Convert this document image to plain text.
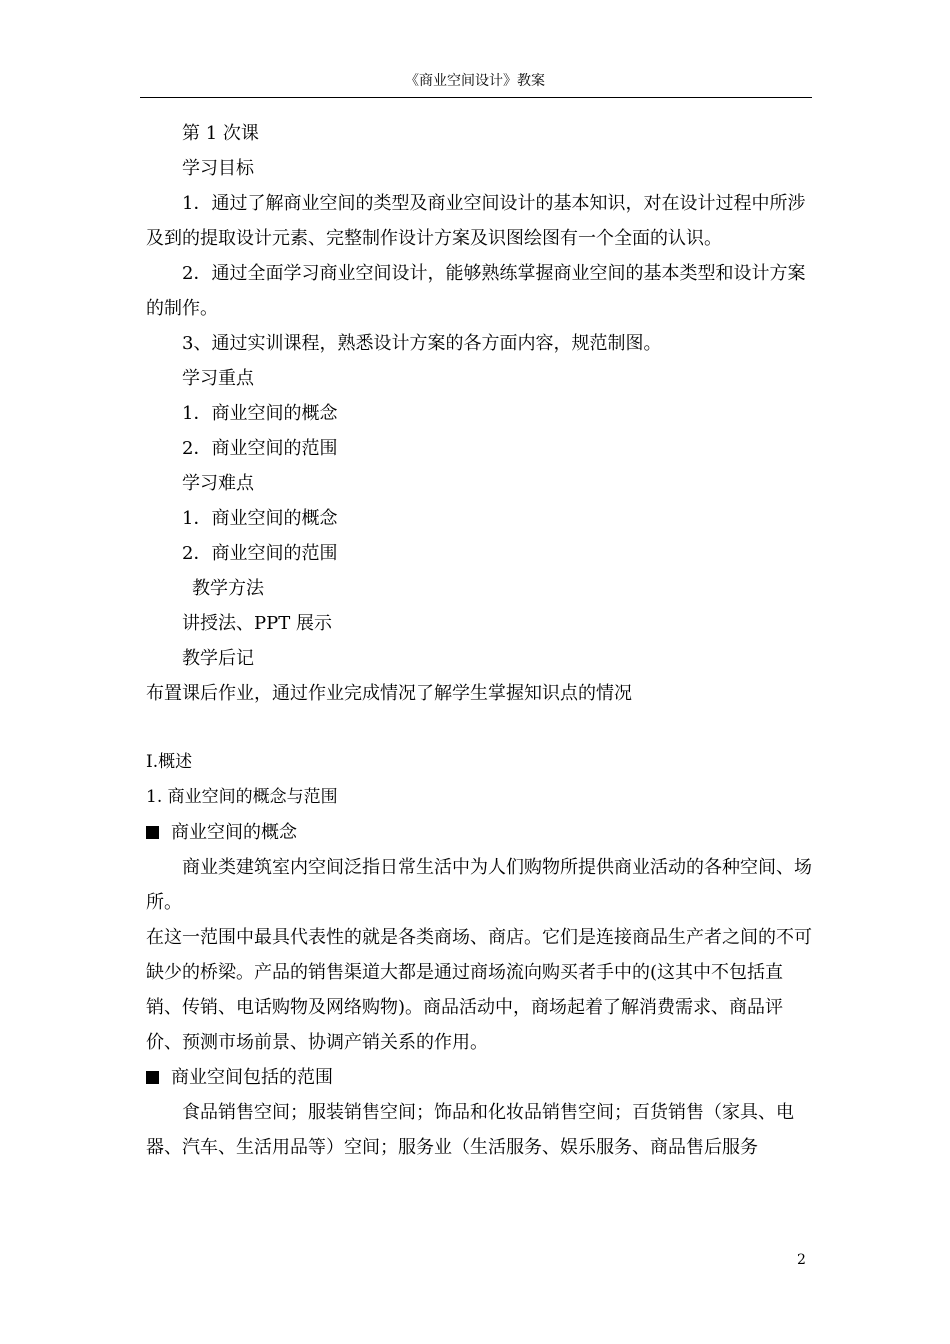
《商业空间设计》教案

第 1 次课

学习目标

1．通过了解商业空间的类型及商业空间设计的基本知识，对在设计过程中所涉及到的提取设计元素、完整制作设计方案及识图绘图有一个全面的认识。

2．通过全面学习商业空间设计，能够熟练掌握商业空间的基本类型和设计方案的制作。

3、通过实训课程，熟悉设计方案的各方面内容，规范制图。

学习重点

1．商业空间的概念

2．商业空间的范围

学习难点

1．商业空间的概念

2．商业空间的范围

教学方法

讲授法、PPT 展示

教学后记

布置课后作业，通过作业完成情况了解学生掌握知识点的情况

Ⅰ.概述

1. 商业空间的概念与范围

商业空间的概念

商业类建筑室内空间泛指日常生活中为人们购物所提供商业活动的各种空间、场所。

在这一范围中最具代表性的就是各类商场、商店。它们是连接商品生产者之间的不可缺少的桥梁。产品的销售渠道大都是通过商场流向购买者手中的(这其中不包括直销、传销、电话购物及网络购物)。商品活动中，商场起着了解消费需求、商品评价、预测市场前景、协调产销关系的作用。

商业空间包括的范围

食品销售空间；服装销售空间；饰品和化妆品销售空间；百货销售（家具、电器、汽车、生活用品等）空间；服务业（生活服务、娱乐服务、商品售后服务

2
